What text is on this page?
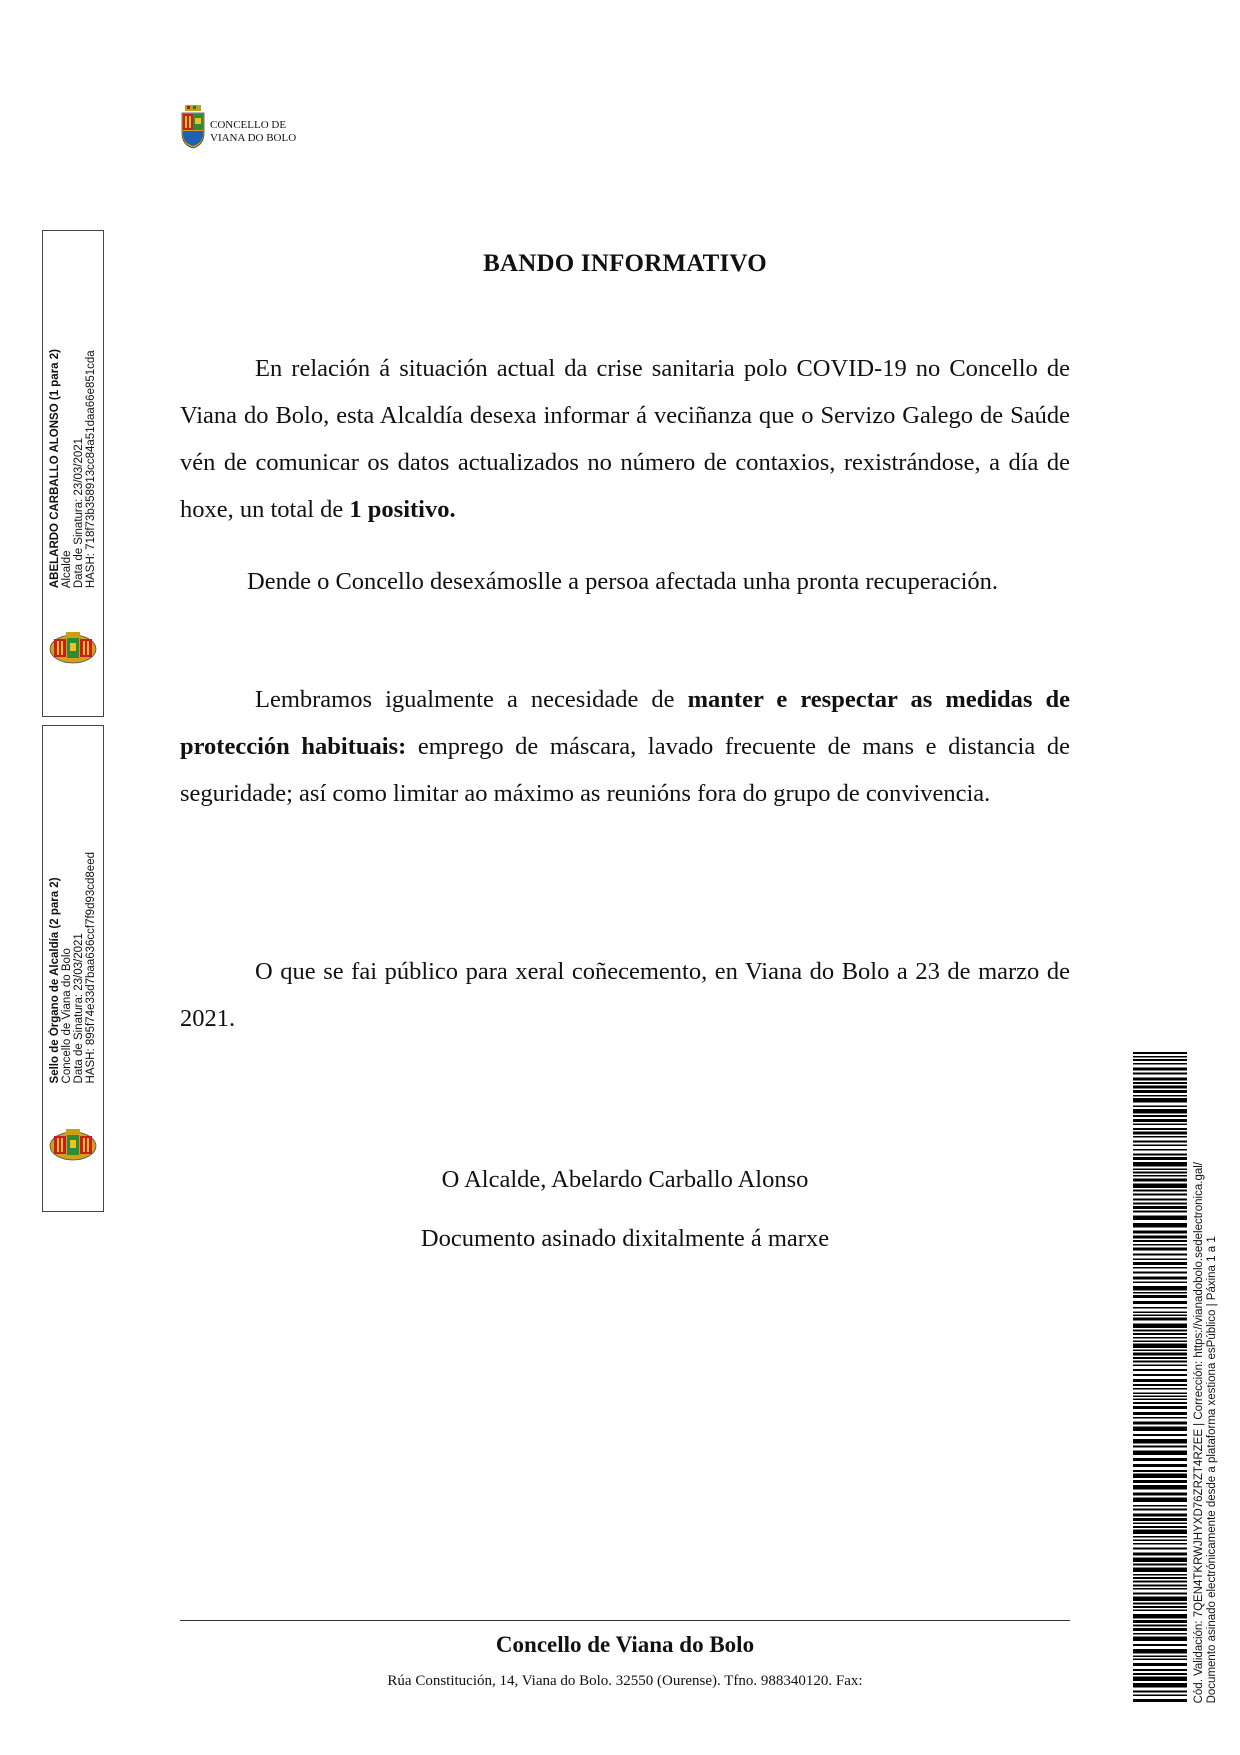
CONCELLO DE
VIANA DO BOLO
ABELARDO CARBALLO ALONSO (1 para 2) Alcalde Data de Sinatura: 23/03/2021 HASH: 718f73b358913cc84a51daa66e851cda
Sello de Órgano de Alcaldía (2 para 2) Concello de Viana do Bolo Data de Sinatura: 23/03/2021 HASH: 895f74e33d7baa636ccf7f9d93cd8eed
BANDO INFORMATIVO

En relación á situación actual da crise sanitaria polo COVID-19 no Concello de Viana do Bolo, esta Alcaldía desexa informar á veciñanza que o Servizo Galego de Saúde vén de comunicar os datos actualizados no número de contaxios, rexistrándose, a día de hoxe, un total de 1 positivo.

Dende o Concello desexámoslle a persoa afectada unha pronta recuperación.

Lembramos igualmente a necesidade de manter e respectar as medidas de protección habituais: emprego de máscara, lavado frecuente de mans e distancia de seguridade; así como limitar ao máximo as reunións fora do grupo de convivencia.

O que se fai público para xeral coñecemento, en Viana do Bolo a 23 de marzo de 2021.

O Alcalde, Abelardo Carballo Alonso
Documento asinado dixitalmente á marxe
Concello de Viana do Bolo
Rúa Constitución, 14, Viana do Bolo. 32550 (Ourense). Tfno. 988340120. Fax:	Cód. Validación: 7QEN4TKRWJHYXD76ZRZT4RZEE | Corrección: https://vianadobolo.sedelectronica.gal/ Documento asinado electrónicamente desde a plataforma xestiona esPúblico | Páxina 1 a 1
